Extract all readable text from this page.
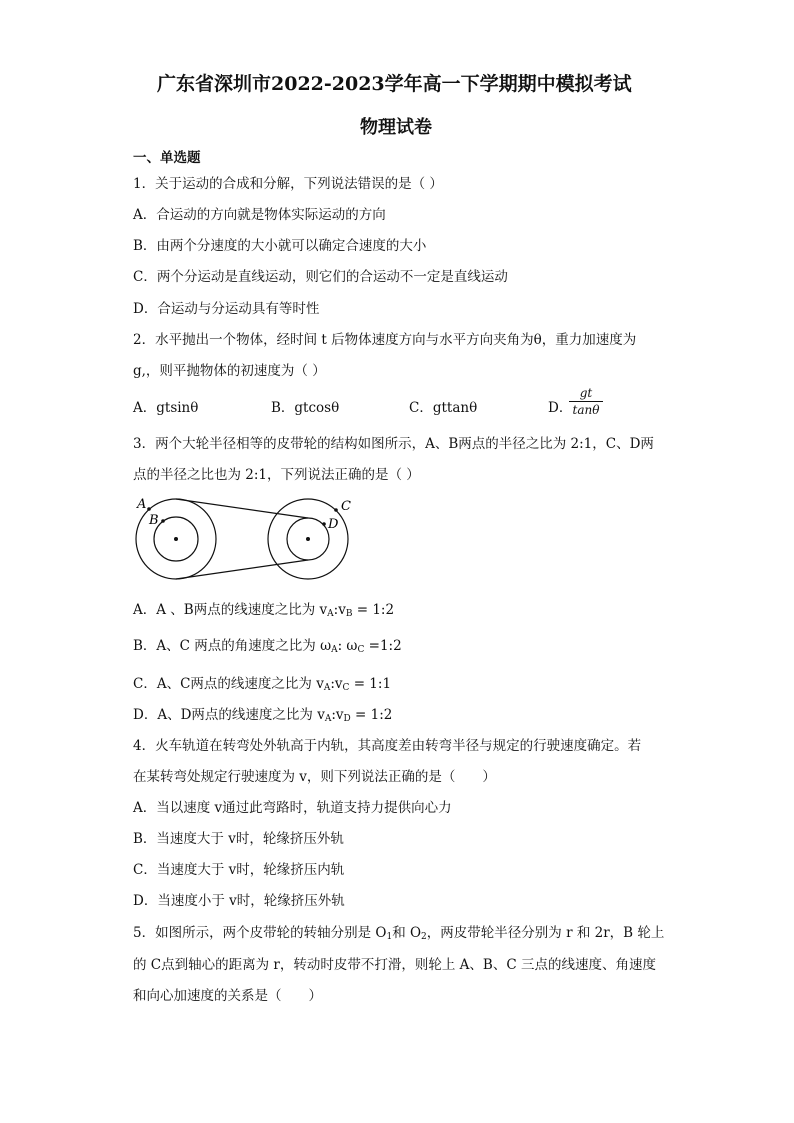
广东省深圳市2022-2023学年高一下学期期中模拟考试
物理试卷
一、单选题
1．关于运动的合成和分解，下列说法错误的是（ ）
A．合运动的方向就是物体实际运动的方向
B．由两个分速度的大小就可以确定合速度的大小
C．两个分运动是直线运动，则它们的合运动不一定是直线运动
D．合运动与分运动具有等时性
2．水平抛出一个物体，经时间 t 后物体速度方向与水平方向夹角为θ，重力加速度为
g,，则平抛物体的初速度为（ ）
A．gtsinθ	B．gtcosθ	C．gttanθ	D．
gt
tanθ
3．两个大轮半径相等的皮带轮的结构如图所示，A、B两点的半径之比为 2:1，C、D两
点的半径之比也为 2:1，下列说法正确的是（ ）
A
B
C
D
A．A 、B两点的线速度之比为 $v_A:v_B$ = 1:2
B．A、C 两点的角速度之比为 $\omega_A$: $\omega_C$ =1:2
C．A、C两点的线速度之比为 $v_A:v_C$ = 1:1
D．A、D两点的线速度之比为 $v_A:v_D$ = 1:2
4．火车轨道在转弯处外轨高于内轨，其高度差由转弯半径与规定的行驶速度确定。若
在某转弯处规定行驶速度为 v，则下列说法正确的是（　　）
A．当以速度 v通过此弯路时，轨道支持力提供向心力
B．当速度大于 v时，轮缘挤压外轨
C．当速度大于 v时，轮缘挤压内轨
D．当速度小于 v时，轮缘挤压外轨
5．如图所示，两个皮带轮的转轴分别是 $O_1$和 $O_2$，两皮带轮半径分别为 r 和 2r，B 轮上
的 C点到轴心的距离为 r，转动时皮带不打滑，则轮上 A、B、C 三点的线速度、角速度
和向心加速度的关系是（　　）
